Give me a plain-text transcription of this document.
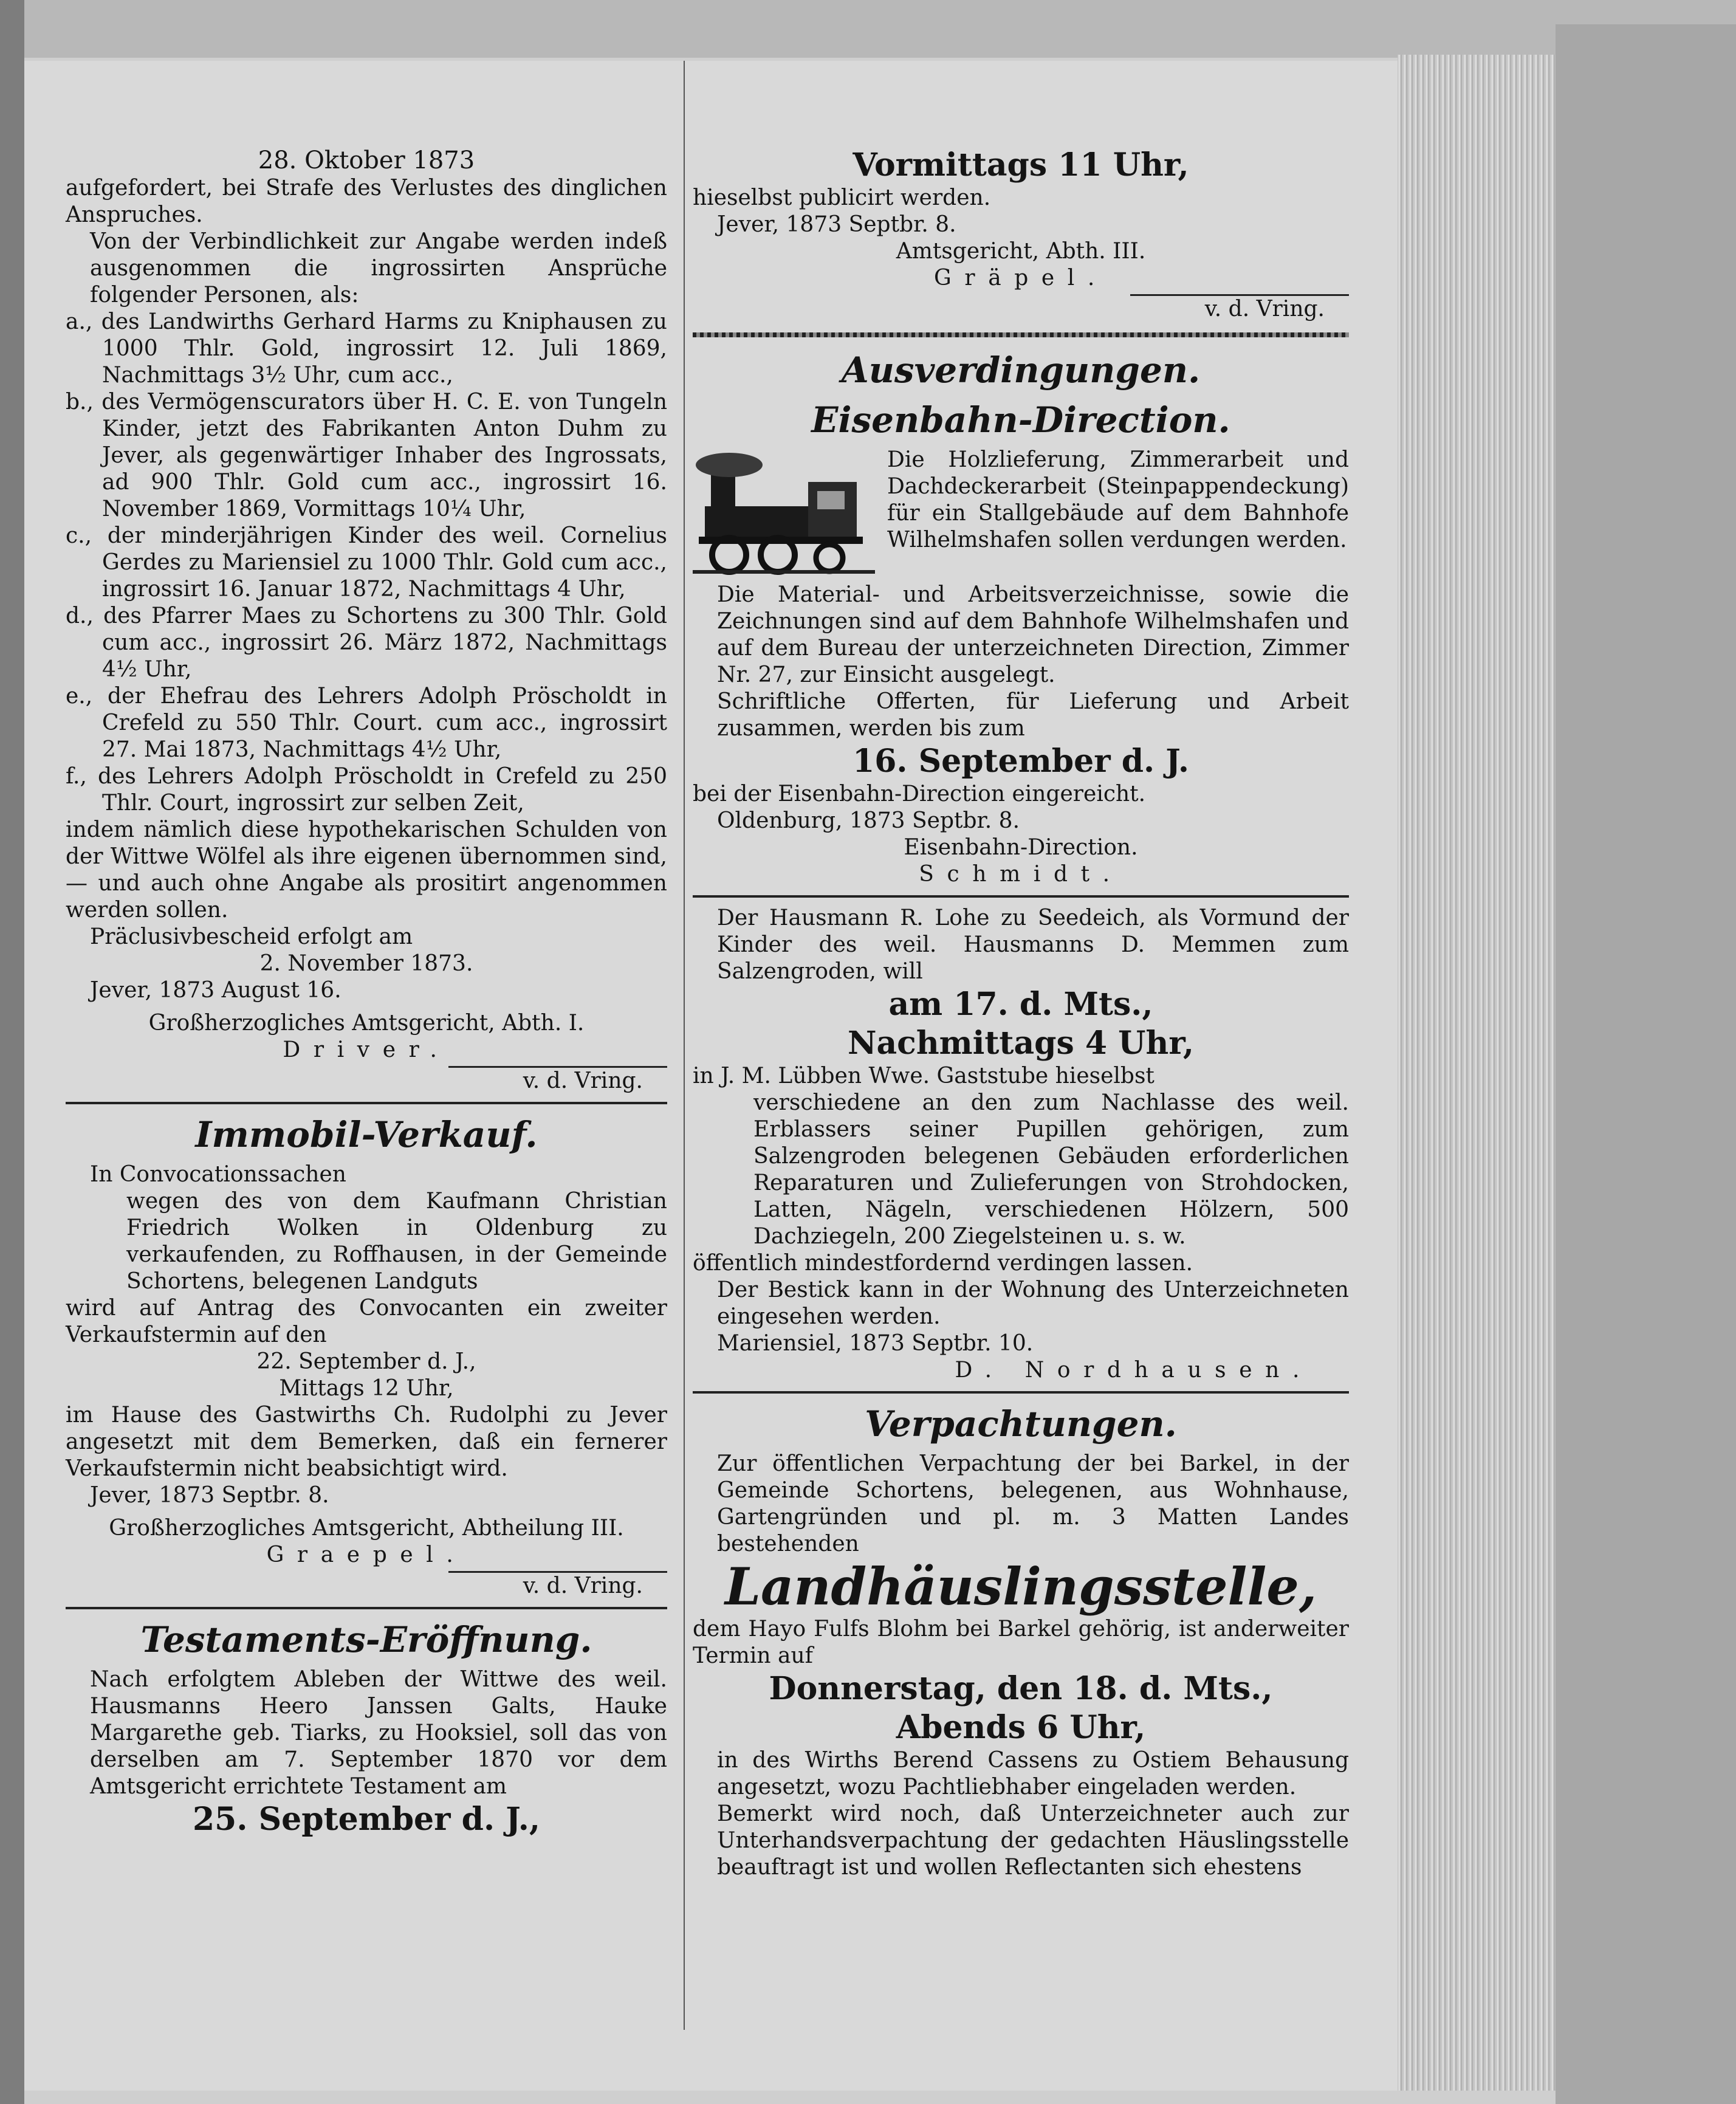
28. Oktober 1873

aufgefordert, bei Strafe des Verlustes des dinglichen Anspruches.

Von der Verbindlichkeit zur Angabe werden indeß ausgenommen die ingrossirten Ansprüche folgender Personen, als:

a., des Landwirths Gerhard Harms zu Kniphausen zu 1000 Thlr. Gold, ingrossirt 12. Juli 1869, Nachmittags 3½ Uhr, cum acc.,

b., des Vermögenscurators über H. C. E. von Tungeln Kinder, jetzt des Fabrikanten Anton Duhm zu Jever, als gegenwärtiger Inhaber des Ingrossats, ad 900 Thlr. Gold cum acc., ingrossirt 16. November 1869, Vormittags 10¼ Uhr,

c., der minderjährigen Kinder des weil. Cornelius Gerdes zu Mariensiel zu 1000 Thlr. Gold cum acc., ingrossirt 16. Januar 1872, Nachmittags 4 Uhr,

d., des Pfarrer Maes zu Schortens zu 300 Thlr. Gold cum acc., ingrossirt 26. März 1872, Nachmittags 4½ Uhr,

e., der Ehefrau des Lehrers Adolph Pröscholdt in Crefeld zu 550 Thlr. Court. cum acc., ingrossirt 27. Mai 1873, Nachmittags 4½ Uhr,

f., des Lehrers Adolph Pröscholdt in Crefeld zu 250 Thlr. Court, ingrossirt zur selben Zeit,

indem nämlich diese hypothekarischen Schulden von der Wittwe Wölfel als ihre eigenen übernommen sind, — und auch ohne Angabe als prositirt angenommen werden sollen.

Präclusivbescheid erfolgt am

2. November 1873.

Jever, 1873 August 16.

Großherzogliches Amtsgericht, Abth. I.

Driver.

v. d. Vring.

Immobil-Verkauf.

In Convocationssachen

wegen des von dem Kaufmann Christian Friedrich Wolken in Oldenburg zu verkaufenden, zu Roffhausen, in der Gemeinde Schortens, belegenen Landguts

wird auf Antrag des Convocanten ein zweiter Verkaufstermin auf den

22. September d. J.,

Mittags 12 Uhr,

im Hause des Gastwirths Ch. Rudolphi zu Jever angesetzt mit dem Bemerken, daß ein fernerer Verkaufstermin nicht beabsichtigt wird.

Jever, 1873 Septbr. 8.

Großherzogliches Amtsgericht, Abtheilung III.

Graepel.

v. d. Vring.

Testaments-Eröffnung.

Nach erfolgtem Ableben der Wittwe des weil. Hausmanns Heero Janssen Galts, Hauke Margarethe geb. Tiarks, zu Hooksiel, soll das von derselben am 7. September 1870 vor dem Amtsgericht errichtete Testament am

25. September d. J.,

Vormittags 11 Uhr,

hieselbst publicirt werden.

Jever, 1873 Septbr. 8.

Amtsgericht, Abth. III.

Gräpel.

v. d. Vring.

Ausverdingungen.

Eisenbahn-Direction.

Die Holzlieferung, Zimmerarbeit und Dachdeckerarbeit (Steinpappendeckung) für ein Stallgebäude auf dem Bahnhofe Wilhelmshafen sollen verdungen werden.

Die Material- und Arbeitsverzeichnisse, sowie die Zeichnungen sind auf dem Bahnhofe Wilhelmshafen und auf dem Bureau der unterzeichneten Direction, Zimmer Nr. 27, zur Einsicht ausgelegt.

Schriftliche Offerten, für Lieferung und Arbeit zusammen, werden bis zum

16. September d. J.

bei der Eisenbahn-Direction eingereicht.

Oldenburg, 1873 Septbr. 8.

Eisenbahn-Direction.

Schmidt.

Der Hausmann R. Lohe zu Seedeich, als Vormund der Kinder des weil. Hausmanns D. Memmen zum Salzengroden, will

am 17. d. Mts.,

Nachmittags 4 Uhr,

in J. M. Lübben Wwe. Gaststube hieselbst

verschiedene an den zum Nachlasse des weil. Erblassers seiner Pupillen gehörigen, zum Salzengroden belegenen Gebäuden erforderlichen Reparaturen und Zulieferungen von Strohdocken, Latten, Nägeln, verschiedenen Hölzern, 500 Dachziegeln, 200 Ziegelsteinen u. s. w.

öffentlich mindestfordernd verdingen lassen.

Der Bestick kann in der Wohnung des Unterzeichneten eingesehen werden.

Mariensiel, 1873 Septbr. 10.

D. Nordhausen.

Verpachtungen.

Zur öffentlichen Verpachtung der bei Barkel, in der Gemeinde Schortens, belegenen, aus Wohnhause, Gartengründen und pl. m. 3 Matten Landes bestehenden

Landhäuslingsstelle,

dem Hayo Fulfs Blohm bei Barkel gehörig, ist anderweiter Termin auf

Donnerstag, den 18. d. Mts.,

Abends 6 Uhr,

in des Wirths Berend Cassens zu Ostiem Behausung angesetzt, wozu Pachtliebhaber eingeladen werden.

Bemerkt wird noch, daß Unterzeichneter auch zur Unterhandsverpachtung der gedachten Häuslingsstelle beauftragt ist und wollen Reflectanten sich ehestens
